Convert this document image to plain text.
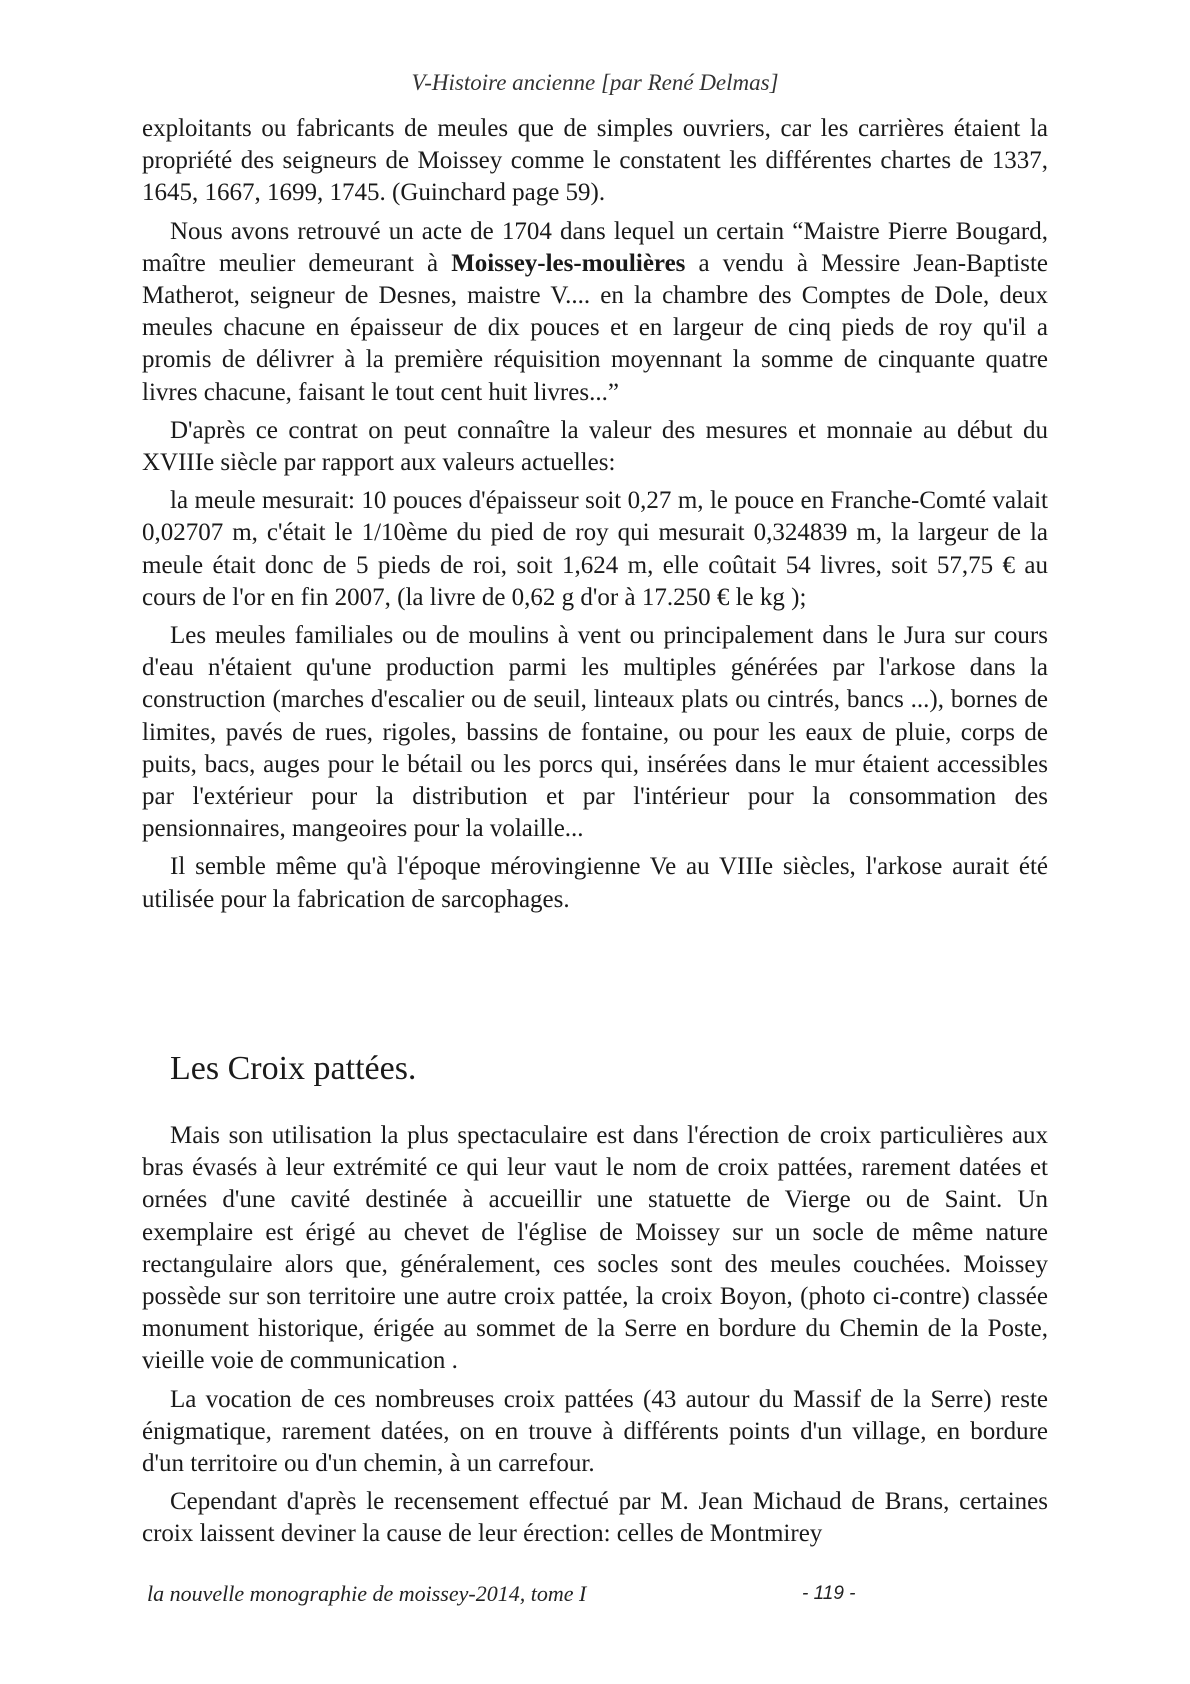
V-Histoire ancienne [par René Delmas]

exploitants ou fabricants de meules que de simples ouvriers, car les carrières étaient la propriété des seigneurs de Moissey comme le constatent les différentes chartes de 1337, 1645, 1667, 1699, 1745. (Guinchard page 59).

Nous avons retrouvé un acte de 1704 dans lequel un certain “Maistre Pierre Bougard, maître meulier demeurant à Moissey-les-moulières a vendu à Messire Jean-Baptiste Matherot, seigneur de Desnes, maistre V.... en la chambre des Comptes de Dole, deux meules chacune en épaisseur de dix pouces et en largeur de cinq pieds de roy qu'il a promis de délivrer à la première réquisition moyennant la somme de cinquante quatre livres chacune, faisant le tout cent huit livres...”

D'après ce contrat on peut connaître la valeur des mesures et monnaie au début du XVIIIe siècle par rapport aux valeurs actuelles:

la meule mesurait: 10 pouces d'épaisseur soit 0,27 m, le pouce en Franche-Comté valait 0,02707 m, c'était le 1/10ème du pied de roy qui mesurait 0,324839 m, la largeur de la meule était donc de 5 pieds de roi, soit 1,624 m, elle coûtait 54 livres, soit 57,75 € au cours de l'or en fin 2007, (la livre de 0,62 g d'or à 17.250 € le kg );

Les meules familiales ou de moulins à vent ou principalement dans le Jura sur cours d'eau n'étaient qu'une production parmi les multiples générées par l'arkose dans la construction (marches d'escalier ou de seuil, linteaux plats ou cintrés, bancs ...), bornes de limites, pavés de rues, rigoles, bassins de fontaine, ou pour les eaux de pluie, corps de puits, bacs, auges pour le bétail ou les porcs qui, insérées dans le mur étaient accessibles par l'extérieur pour la distribution et par l'intérieur pour la consommation des pensionnaires, mangeoires pour la volaille...

Il semble même qu'à l'époque mérovingienne Ve au VIIIe siècles, l'arkose aurait été utilisée pour la fabrication de sarcophages.

Les Croix pattées.

Mais son utilisation la plus spectaculaire est dans l'érection de croix particulières aux bras évasés à leur extrémité ce qui leur vaut le nom de croix pattées, rarement datées et ornées d'une cavité destinée à accueillir une statuette de Vierge ou de Saint. Un exemplaire est érigé au chevet de l'église de Moissey sur un socle de même nature rectangulaire alors que, généralement, ces socles sont des meules couchées. Moissey possède sur son territoire une autre croix pattée, la croix Boyon, (photo ci-contre) classée monument historique, érigée au sommet de la Serre en bordure du Chemin de la Poste, vieille voie de communication .

La vocation de ces nombreuses croix pattées (43 autour du Massif de la Serre) reste énigmatique, rarement datées, on en trouve à différents points d'un village, en bordure d'un territoire ou d'un chemin, à un carrefour.

Cependant d'après le recensement effectué par M. Jean Michaud de Brans, certaines croix laissent deviner la cause de leur érection: celles de Montmirey

la nouvelle monographie de moissey-2014, tome I	- 119 -
